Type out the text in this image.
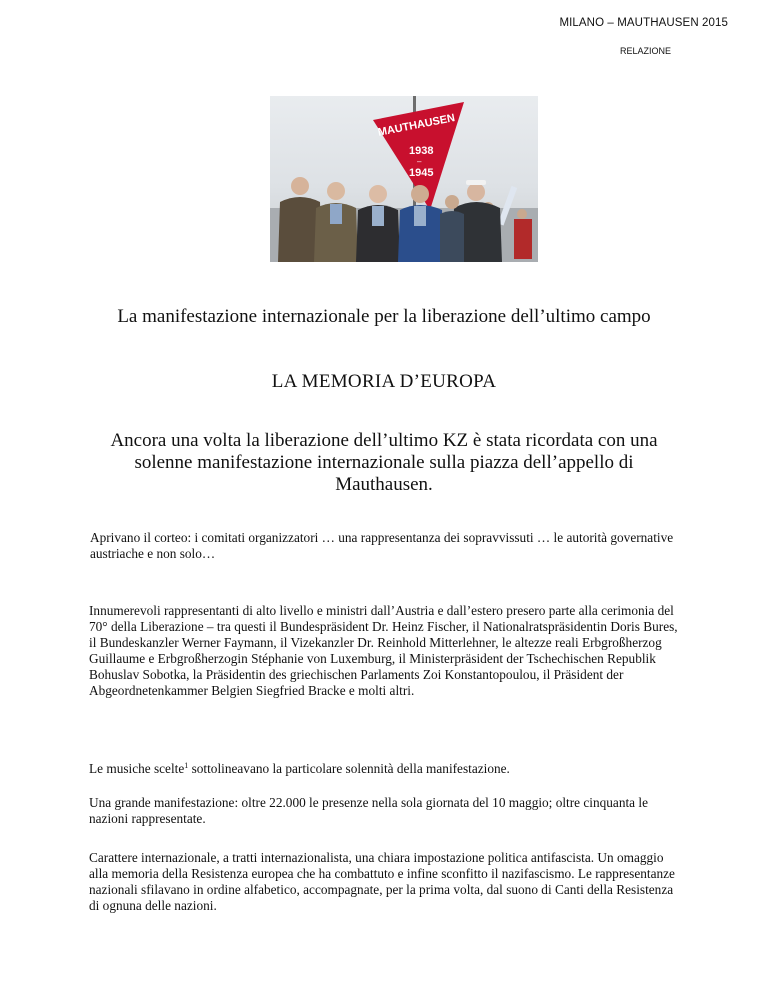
MILANO – MAUTHAUSEN 2015
RELAZIONE
MAUTHAUSEN
1938
–
1945
La manifestazione internazionale per la liberazione dell’ultimo campo
LA MEMORIA D’EUROPA
Ancora una volta la liberazione dell’ultimo KZ è stata ricordata con una solenne manifestazione internazionale sulla piazza dell’appello di Mauthausen.
Aprivano il corteo: i comitati organizzatori … una rappresentanza dei sopravvissuti … le autorità governative austriache e non solo…
Innumerevoli rappresentanti di alto livello e ministri dall’Austria e dall’estero presero parte alla cerimonia del 70° della Liberazione – tra questi il Bundespräsident Dr. Heinz Fischer, il Nationalratspräsidentin Doris Bures, il Bundeskanzler Werner Faymann, il Vizekanzler Dr. Reinhold Mitterlehner, le altezze reali Erbgroßherzog Guillaume e Erbgroßherzogin Stéphanie von Luxemburg, il Ministerpräsident der Tschechischen Republik Bohuslav Sobotka, la Präsidentin des griechischen Parlaments Zoi Konstantopoulou, il Präsident der Abgeordnetenkammer Belgien Siegfried Bracke e molti altri.
Le musiche scelte$^1$ sottolineavano la particolare solennità della manifestazione.
Una grande manifestazione: oltre 22.000 le presenze nella sola giornata del 10 maggio; oltre cinquanta le nazioni rappresentate.
Carattere internazionale, a tratti internazionalista, una chiara impostazione politica antifascista. Un omaggio alla memoria della Resistenza europea che ha combattuto e infine sconfitto il nazifascismo. Le rappresentanze nazionali sfilavano in ordine alfabetico, accompagnate, per la prima volta, dal suono di Canti della Resistenza di ognuna delle nazioni.
